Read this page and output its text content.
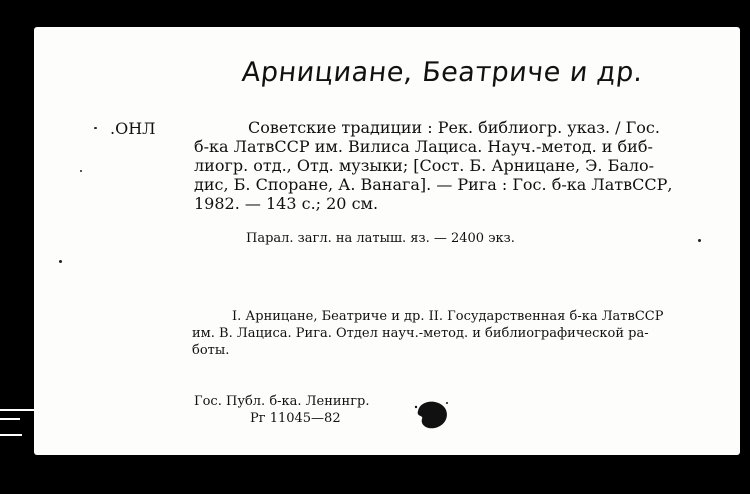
Арнициане, Беатриче и др.
.ОНЛ	Советские традиции : Рек. библиогр. указ. / Гос.
б-ка ЛатвССР им. Вилиса Лациса. Науч.-метод. и биб-
лиогр. отд., Отд. музыки; [Сост. Б. Арницане, Э. Бало-
дис, Б. Споране, А. Ванага]. — Рига : Гос. б-ка ЛатвССР,
1982. — 143 с.; 20 см.
Парал. загл. на латыш. яз. — 2400 экз.
I. Арницане, Беатриче и др. II. Государственная б-ка ЛатвССР
им. В. Лациса. Рига. Отдел науч.-метод. и библиографической ра-
боты.
Гос. Публ. б-ка. Ленингр.
Рг 11045—82
